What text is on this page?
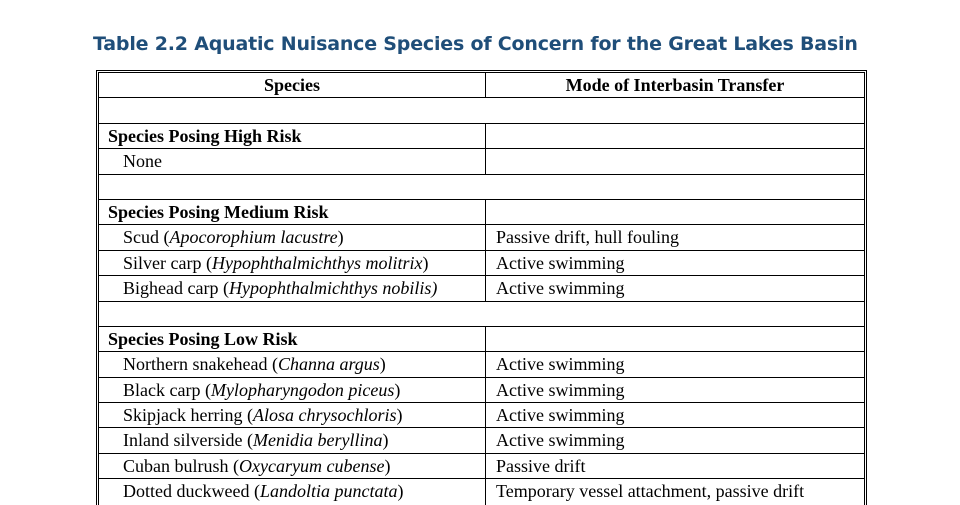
Table 2.2 Aquatic Nuisance Species of Concern for the Great Lakes Basin
Species	Mode of Interbasin Transfer
Species Posing High Risk
None
Species Posing Medium Risk
Scud (Apocorophium lacustre)	Passive drift, hull fouling
Silver carp (Hypophthalmichthys molitrix)	Active swimming
Bighead carp (Hypophthalmichthys nobilis)	Active swimming
Species Posing Low Risk
Northern snakehead (Channa argus)	Active swimming
Black carp (Mylopharyngodon piceus)	Active swimming
Skipjack herring (Alosa chrysochloris)	Active swimming
Inland silverside (Menidia beryllina)	Active swimming
Cuban bulrush (Oxycaryum cubense)	Passive drift
Dotted duckweed (Landoltia punctata)	Temporary vessel attachment, passive drift
